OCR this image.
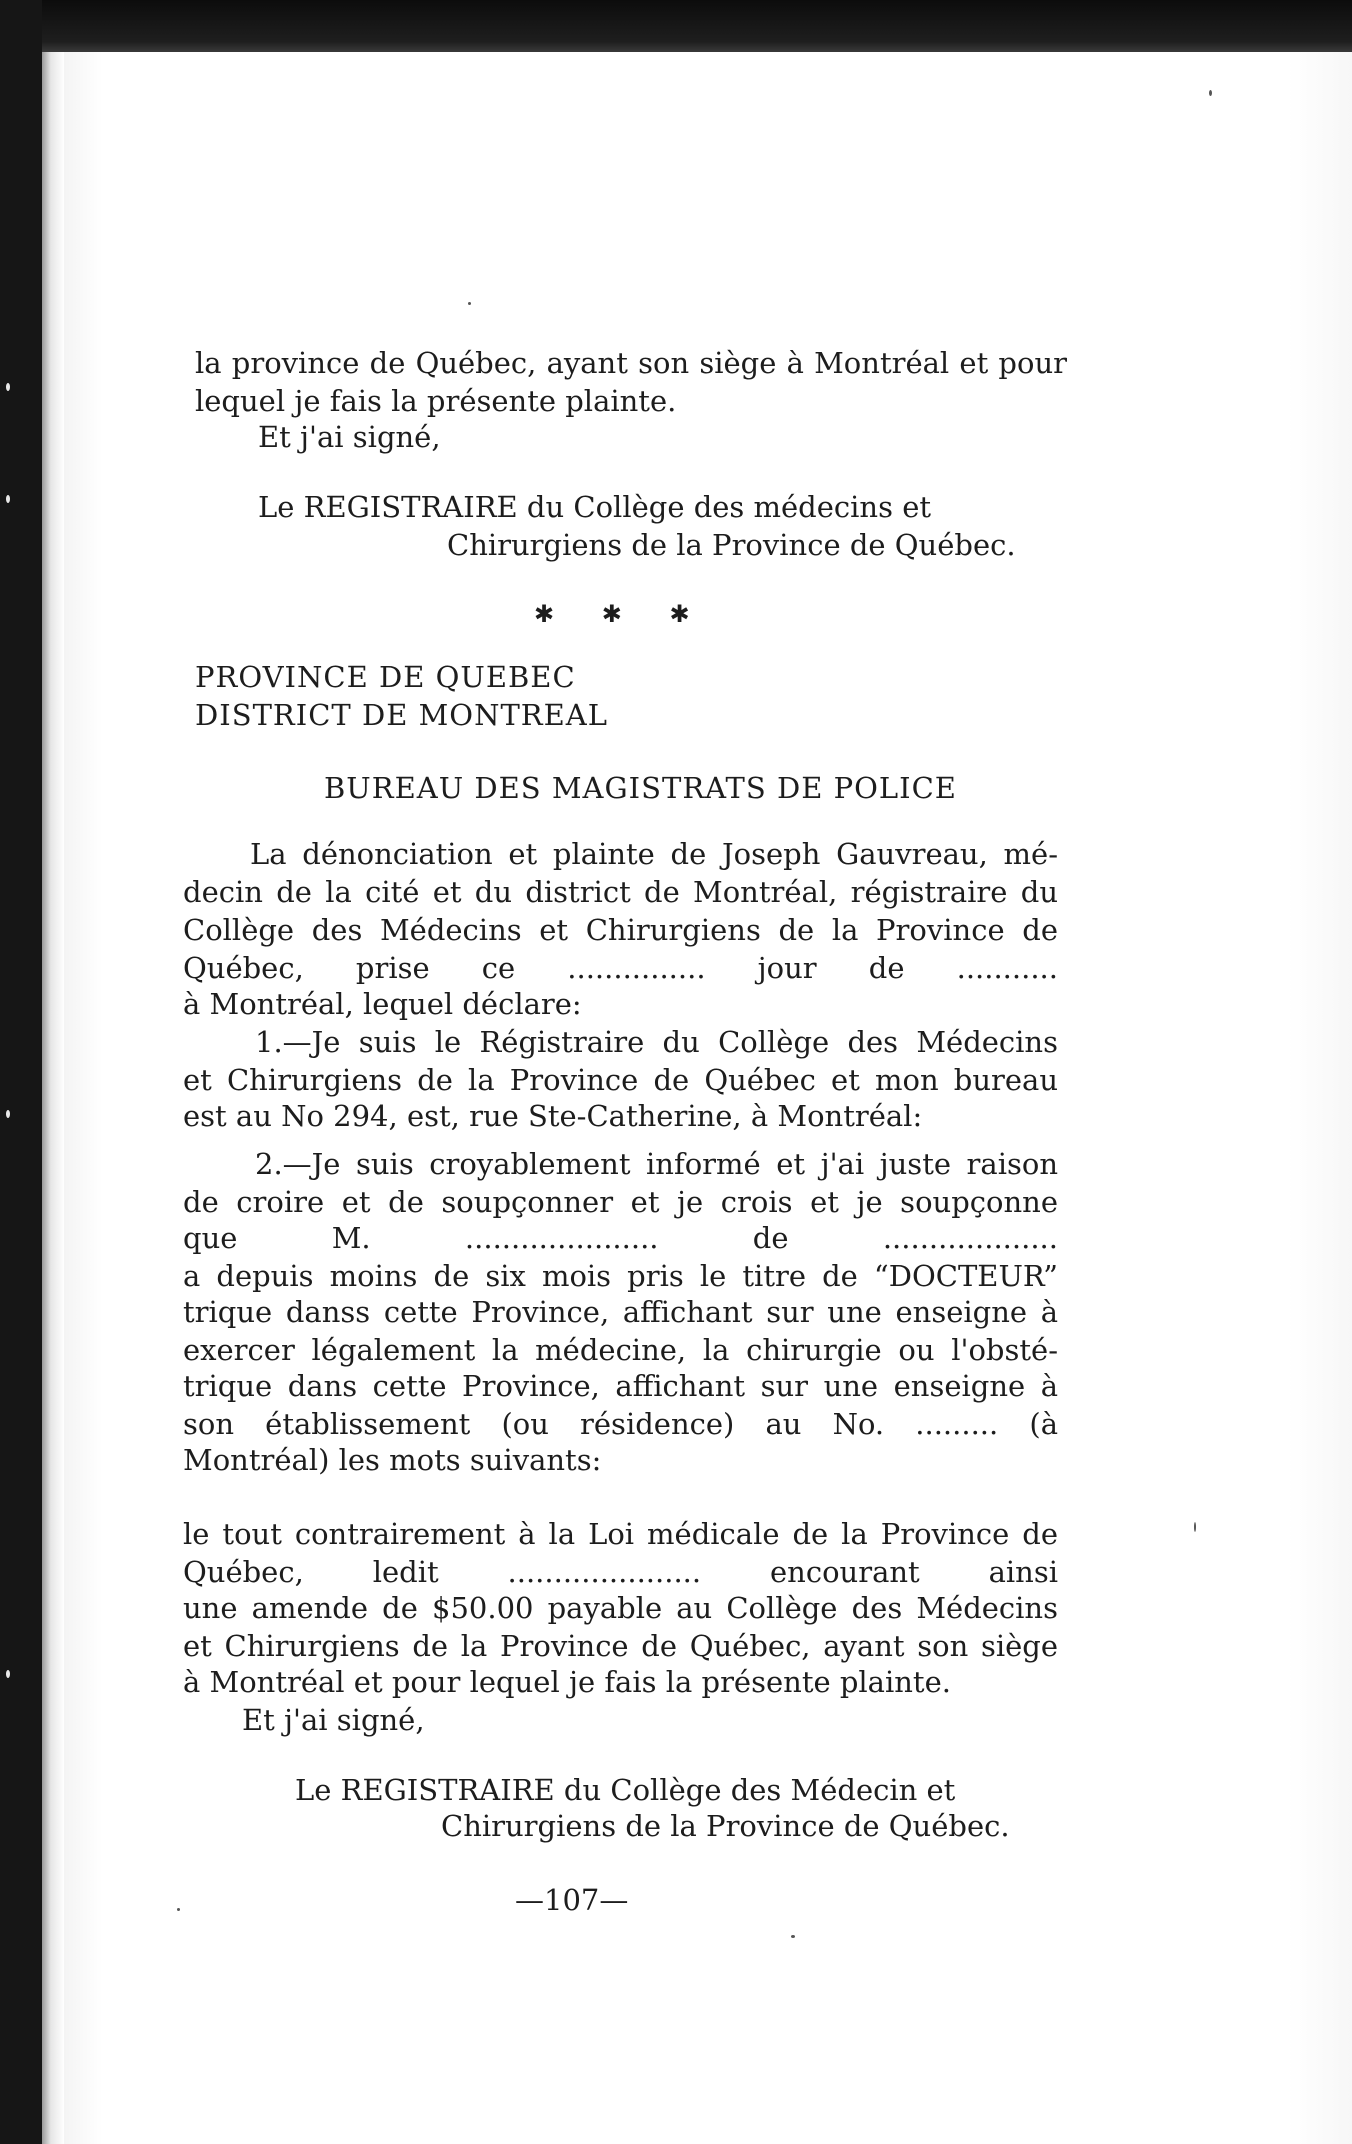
la province de Québec, ayant son siège à Montréal et pour
lequel je fais la présente plainte.
Et j'ai signé,
Le REGISTRAIRE du Collège des médecins et
Chirurgiens de la Province de Québec.
✱ ✱ ✱
PROVINCE DE QUEBEC
DISTRICT DE MONTREAL
BUREAU DES MAGISTRATS DE POLICE
La dénonciation et plainte de Joseph Gauvreau, mé-
decin de la cité et du district de Montréal, régistraire du
Collège des Médecins et Chirurgiens de la Province de
Québec, prise ce ............... jour de ...........
à Montréal, lequel déclare:
1.—Je suis le Régistraire du Collège des Médecins
et Chirurgiens de la Province de Québec et mon bureau
est au No 294, est, rue Ste-Catherine, à Montréal:
2.—Je suis croyablement informé et j'ai juste raison
de croire et de soupçonner et je crois et je soupçonne
que M. ..................... de ...................
a depuis moins de six mois pris le titre de “DOCTEUR”
trique danss cette Province, affichant sur une enseigne à
exercer légalement la médecine, la chirurgie ou l'obsté-
trique dans cette Province, affichant sur une enseigne à
son établissement (ou résidence) au No. ......... (à
Montréal) les mots suivants:
le tout contrairement à la Loi médicale de la Province de
Québec, ledit ..................... encourant ainsi
une amende de $50.00 payable au Collège des Médecins
et Chirurgiens de la Province de Québec, ayant son siège
à Montréal et pour lequel je fais la présente plainte.
Et j'ai signé,
Le REGISTRAIRE du Collège des Médecin et
Chirurgiens de la Province de Québec.
—107—
